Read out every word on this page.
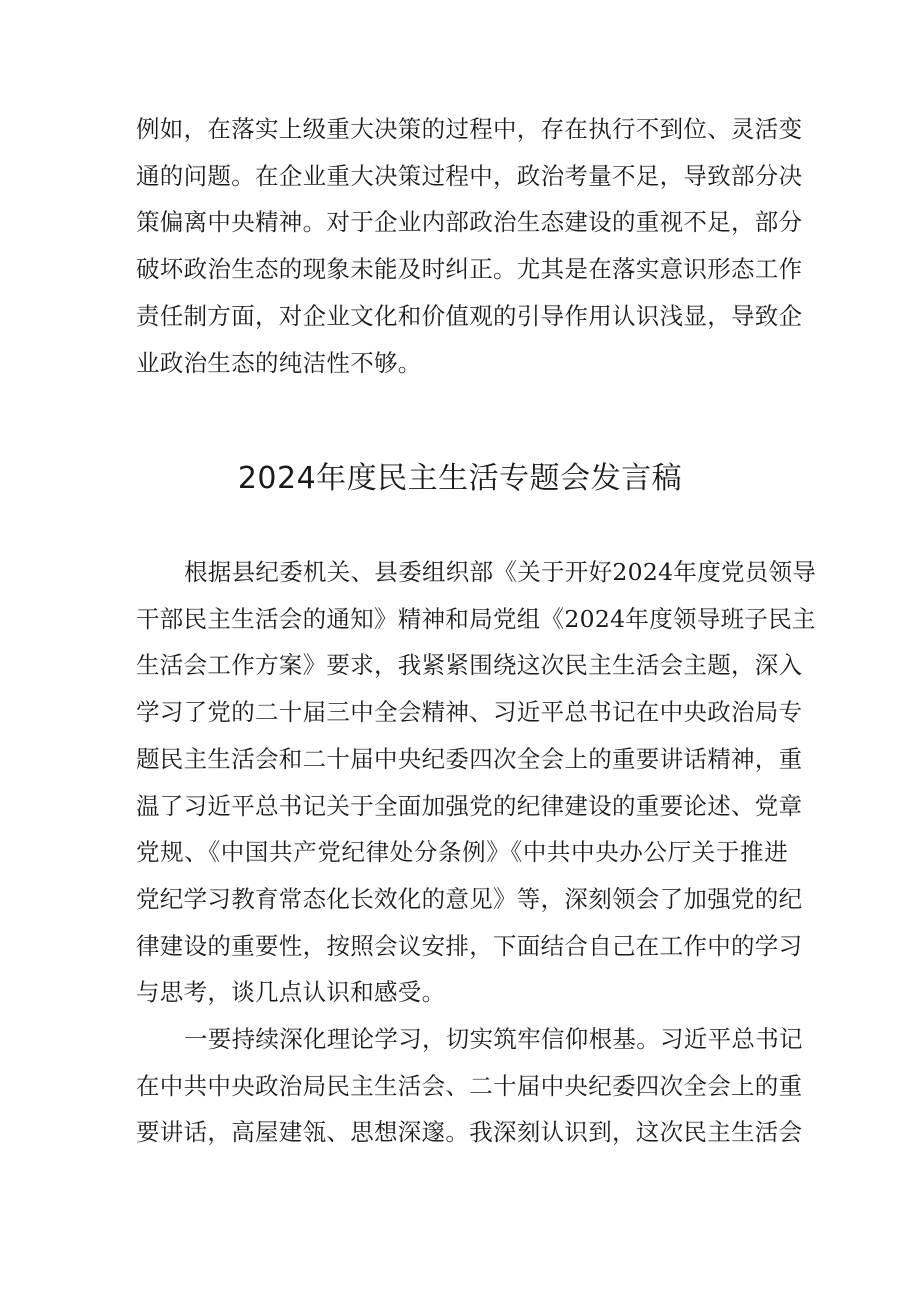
例如，在落实上级重大决策的过程中，存在执行不到位、灵活变
通的问题。在企业重大决策过程中，政治考量不足，导致部分决
策偏离中央精神。对于企业内部政治生态建设的重视不足，部分
破坏政治生态的现象未能及时纠正。尤其是在落实意识形态工作
责任制方面，对企业文化和价值观的引导作用认识浅显，导致企
业政治生态的纯洁性不够。
2024年度民主生活专题会发言稿
根据县纪委机关、县委组织部《关于开好2024年度党员领导
干部民主生活会的通知》精神和局党组《2024年度领导班子民主
生活会工作方案》要求，我紧紧围绕这次民主生活会主题，深入
学习了党的二十届三中全会精神、习近平总书记在中央政治局专
题民主生活会和二十届中央纪委四次全会上的重要讲话精神，重
温了习近平总书记关于全面加强党的纪律建设的重要论述、党章
党规、《中国共产党纪律处分条例》《中共中央办公厅关于推进
党纪学习教育常态化长效化的意见》等，深刻领会了加强党的纪
律建设的重要性，按照会议安排，下面结合自己在工作中的学习
与思考，谈几点认识和感受。
一要持续深化理论学习，切实筑牢信仰根基。习近平总书记
在中共中央政治局民主生活会、二十届中央纪委四次全会上的重
要讲话，高屋建瓴、思想深邃。我深刻认识到，这次民主生活会
